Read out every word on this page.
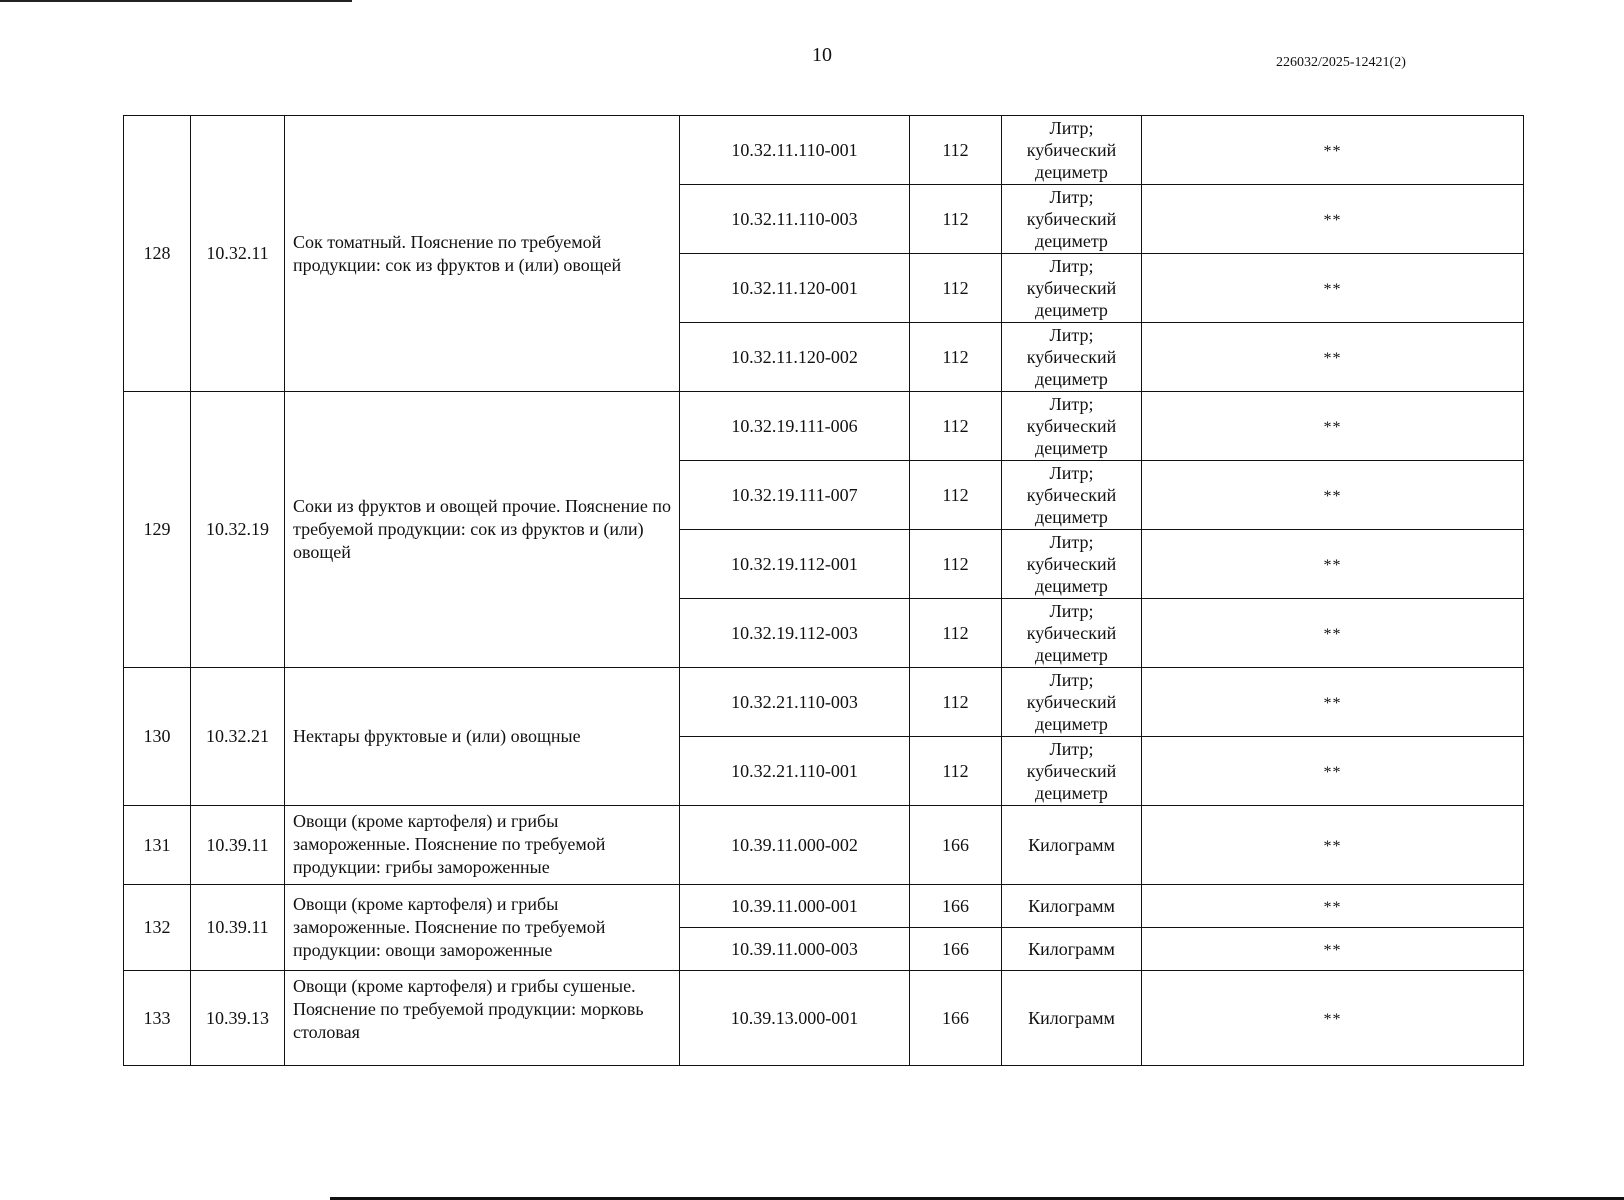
10	226032/2025-12421(2)
128	10.32.11	Сок томатный. Пояснение по требуемой продукции: сок из фруктов и (или) овощей	10.32.11.110-001	112	Литр;
кубический
дециметр	**
			10.32.11.110-003	112	Литр;
кубический
дециметр	**
			10.32.11.120-001	112	Литр;
кубический
дециметр	**
			10.32.11.120-002	112	Литр;
кубический
дециметр	**
129	10.32.19	Соки из фруктов и овощей прочие. Пояснение по требуемой продукции: сок из фруктов и (или) овощей	10.32.19.111-006	112	Литр;
кубический
дециметр	**
			10.32.19.111-007	112	Литр;
кубический
дециметр	**
			10.32.19.112-001	112	Литр;
кубический
дециметр	**
			10.32.19.112-003	112	Литр;
кубический
дециметр	**
130	10.32.21	Нектары фруктовые и (или) овощные	10.32.21.110-003	112	Литр;
кубический
дециметр	**
			10.32.21.110-001	112	Литр;
кубический
дециметр	**
131	10.39.11	Овощи (кроме картофеля) и грибы замороженные. Пояснение по требуемой продукции: грибы замороженные	10.39.11.000-002	166	Килограмм	**
132	10.39.11	Овощи (кроме картофеля) и грибы замороженные. Пояснение по требуемой продукции: овощи замороженные	10.39.11.000-001	166	Килограмм	**
			10.39.11.000-003	166	Килограмм	**
133	10.39.13	Овощи (кроме картофеля) и грибы сушеные. Пояснение по требуемой продукции: морковь столовая	10.39.13.000-001	166	Килограмм	**
